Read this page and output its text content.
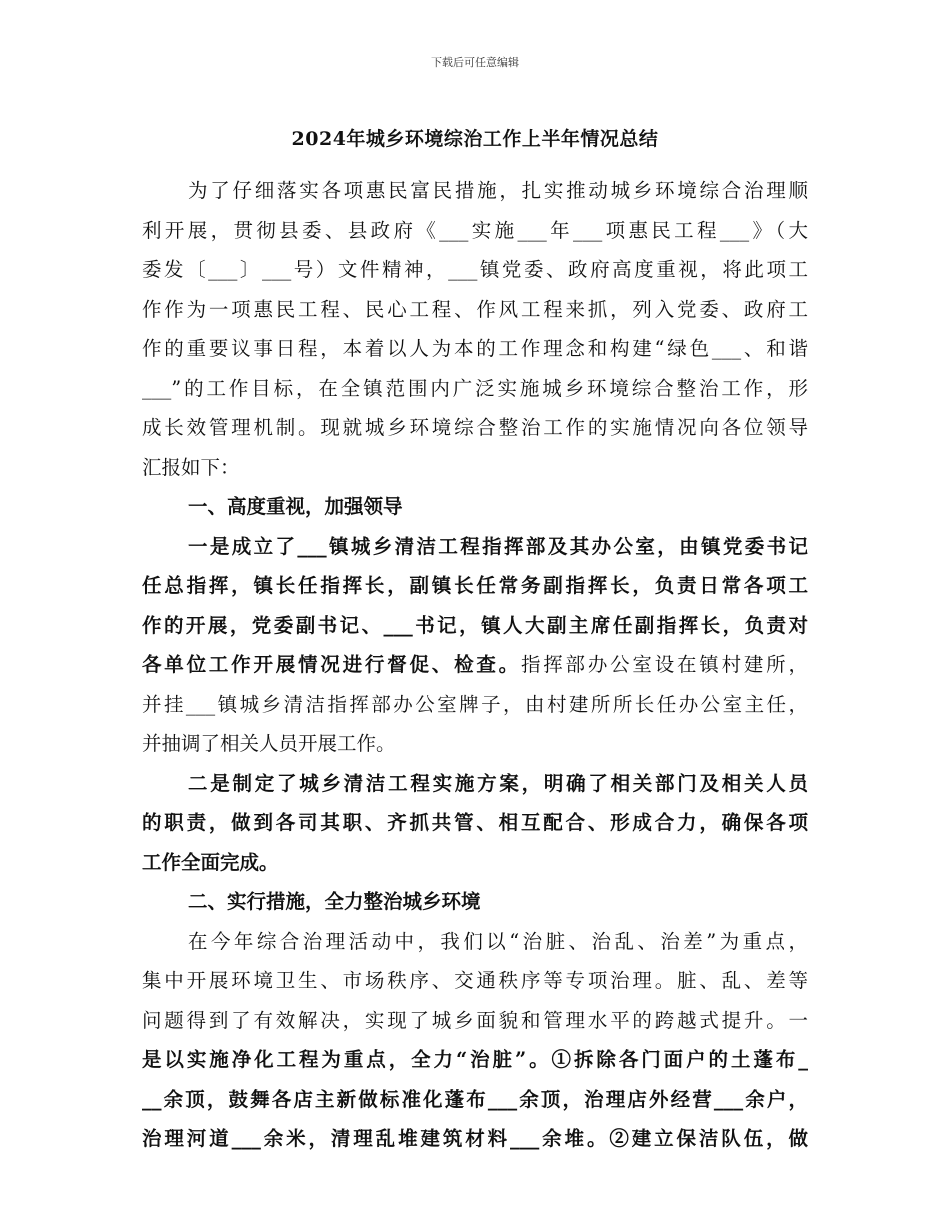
下载后可任意编辑
2024年城乡环境综治工作上半年情况总结
为了仔细落实各项惠民富民措施，扎实推动城乡环境综合治理顺
利开展，贯彻县委、县政府《___实施___年___项惠民工程___》（大
委发〔___〕___号）文件精神，___镇党委、政府高度重视，将此项工
作作为一项惠民工程、民心工程、作风工程来抓，列入党委、政府工
作的重要议事日程，本着以人为本的工作理念和构建“绿色___、和谐
___”的工作目标，在全镇范围内广泛实施城乡环境综合整治工作，形
成长效管理机制。现就城乡环境综合整治工作的实施情况向各位领导
汇报如下：
一、高度重视，加强领导
一是成立了___镇城乡清洁工程指挥部及其办公室，由镇党委书记
任总指挥，镇长任指挥长，副镇长任常务副指挥长，负责日常各项工
作的开展，党委副书记、___书记，镇人大副主席任副指挥长，负责对
各单位工作开展情况进行督促、检查。指挥部办公室设在镇村建所，
并挂___镇城乡清洁指挥部办公室牌子，由村建所所长任办公室主任，
并抽调了相关人员开展工作。
二是制定了城乡清洁工程实施方案，明确了相关部门及相关人员
的职责，做到各司其职、齐抓共管、相互配合、形成合力，确保各项
工作全面完成。
二、实行措施，全力整治城乡环境
在今年综合治理活动中，我们以“治脏、治乱、治差”为重点，
集中开展环境卫生、市场秩序、交通秩序等专项治理。脏、乱、差等
问题得到了有效解决，实现了城乡面貌和管理水平的跨越式提升。一
是以实施净化工程为重点，全力“治脏”。①拆除各门面户的土蓬布_
__余顶，鼓舞各店主新做标准化蓬布___余顶，治理店外经营___余户，
治理河道___余米，清理乱堆建筑材料___余堆。②建立保洁队伍，做
